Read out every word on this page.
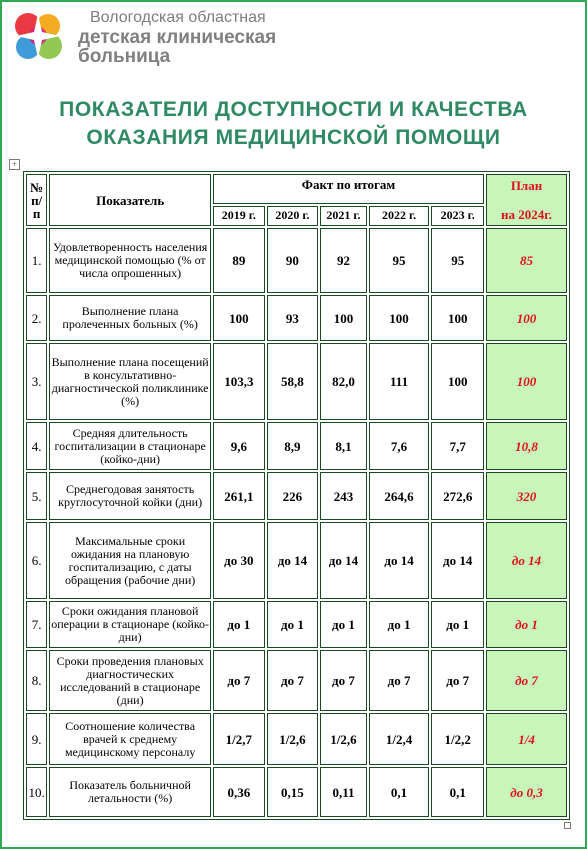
Вологодская областная
детская клиническая
больница
ПОКАЗАТЕЛИ ДОСТУПНОСТИ И КАЧЕСТВА
ОКАЗАНИЯ МЕДИЦИНСКОЙ ПОМОЩИ
+
№ п/п	Показатель	Факт по итогам					План
на 2024г.
		2019 г.	2020 г.	2021 г.	2022 г.	2023 г.	
1.	Удовлетворенность населения медицинской помощью (% от числа опрошенных)	89	90	92	95	95	85
2.	Выполнение плана пролеченных больных (%)	100	93	100	100	100	100
3.	Выполнение плана посещений в консультативно-диагностической поликлинике (%)	103,3	58,8	82,0	111	100	100
4.	Средняя длительность госпитализации в стационаре (койко-дни)	9,6	8,9	8,1	7,6	7,7	10,8
5.	Среднегодовая занятость круглосуточной койки (дни)	261,1	226	243	264,6	272,6	320
6.	Максимальные сроки ожидания на плановую госпитализацию, с даты обращения (рабочие дни)	до 30	до 14	до 14	до 14	до 14	до 14
7.	Сроки ожидания плановой операции в стационаре (койко-дни)	до 1	до 1	до 1	до 1	до 1	до 1
8.	Сроки проведения плановых диагностических исследований в стационаре (дни)	до 7	до 7	до 7	до 7	до 7	до 7
9.	Соотношение количества врачей к среднему медицинскому персоналу	1/2,7	1/2,6	1/2,6	1/2,4	1/2,2	1/4
10.	Показатель больничной летальности (%)	0,36	0,15	0,11	0,1	0,1	до 0,3
